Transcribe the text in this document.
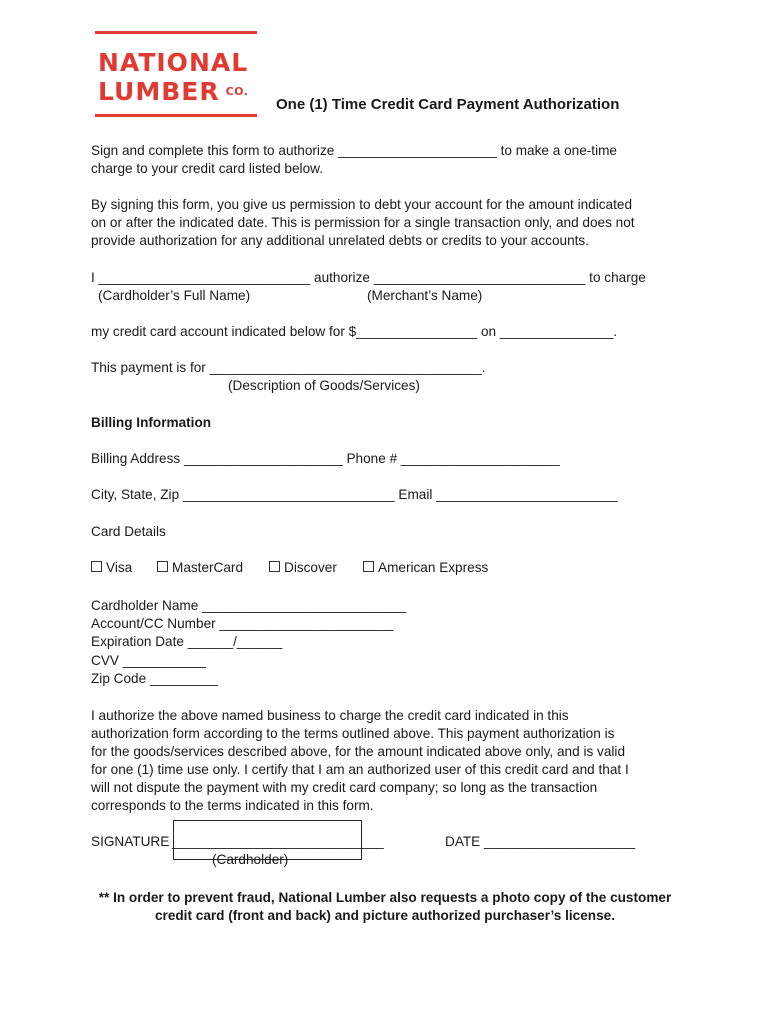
NATIONAL
LUMBER $^{CO.}$
One (1) Time Credit Card Payment Authorization
Sign and complete this form to authorize _____________________ to make a one-time
charge to your credit card listed below.
By signing this form, you give us permission to debt your account for the amount indicated
on or after the indicated date. This is permission for a single transaction only, and does not
provide authorization for any additional unrelated debts or credits to your accounts.
I ____________________________ authorize ____________________________ to charge
(Cardholder’s Full Name)	(Merchant’s Name)
my credit card account indicated below for $________________ on _______________.
This payment is for ____________________________________.
(Description of Goods/Services)
Billing Information
Billing Address _____________________ Phone # _____________________
City, State, Zip ____________________________ Email ________________________
Card Details
Visa	MasterCard	Discover	American Express
Cardholder Name ___________________________
Account/CC Number _______________________
Expiration Date ______/______
CVV ___________
Zip Code _________
I authorize the above named business to charge the credit card indicated in this
authorization form according to the terms outlined above. This payment authorization is
for the goods/services described above, for the amount indicated above only, and is valid
for one (1) time use only. I certify that I am an authorized user of this credit card and that I
will not dispute the payment with my credit card company; so long as the transaction
corresponds to the terms indicated in this form.
SIGNATURE ____________________________
(Cardholder)
DATE ____________________
** In order to prevent fraud, National Lumber also requests a photo copy of the customer
credit card (front and back) and picture authorized purchaser’s license.
